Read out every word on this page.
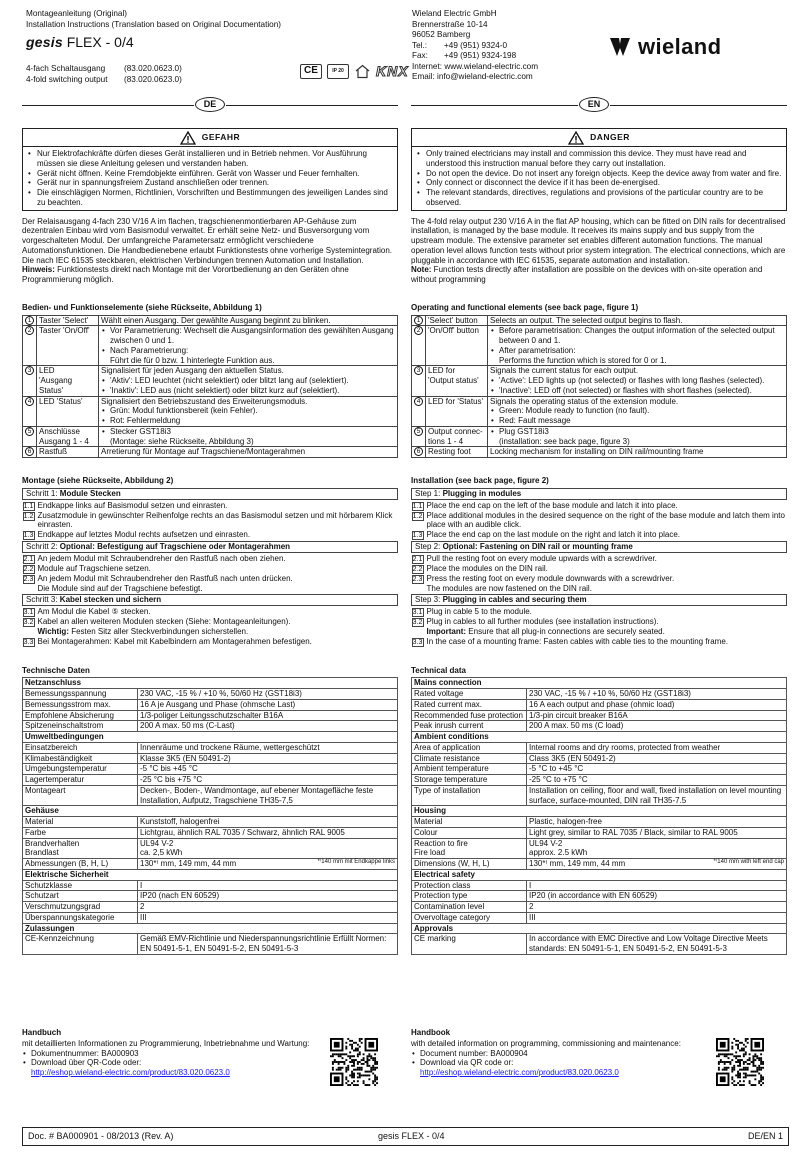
Montageanleitung (Original)
Installation Instructions (Translation based on Original Documentation)
gesis FLEX - 0/4
4-fach Schaltausgang	(83.020.0623.0)
4-fold switching output	(83.020.0623.0)
CE	IP 20	KNX
Wieland Electric GmbH
Brennerstraße 10-14
96052 Bamberg
Tel.:	+49 (951) 9324-0
Fax:	+49 (951) 9324-198
Internet: www.wieland-electric.com
Email: info@wieland-electric.com
wieland
DE	EN
GEFAHR
• Nur Elektrofachkräfte dürfen dieses Gerät installieren und in Betrieb nehmen. Vor Ausführung müssen sie diese Anleitung gelesen und verstanden haben.
• Gerät nicht öffnen. Keine Fremdobjekte einführen. Gerät von Wasser und Feuer fernhalten.
• Gerät nur in spannungsfreiem Zustand anschließen oder trennen.
• Die einschlägigen Normen, Richtlinien, Vorschriften und Bestimmungen des jeweiligen Landes sind zu beachten.

Der Relaisausgang 4-fach 230 V/16 A im flachen, tragschienenmontierbaren AP-Gehäuse zum dezentralen Einbau wird vom Basismodul verwaltet. Er erhält seine Netz- und Busversorgung vom vorgeschalteten Modul. Der umfangreiche Parametersatz ermöglicht verschiedene Automationsfunktionen. Die Handbedienebene erlaubt Funktionstests ohne vorherige Systemintegration. Die nach IEC 61535 steckbaren, elektrischen Verbindungen trennen Automation und Installation.

Hinweis: Funktionstests direkt nach Montage mit der Vorortbedienung an den Geräten ohne Programmierung möglich.

Bedien- und Funktionselemente (siehe Rückseite, Abbildung 1)
1	Taster 'Select'	Wählt einen Ausgang. Der gewählte Ausgang beginnt zu blinken.

2	Taster 'On/Off'	• Vor Parametrierung: Wechselt die Ausgangsinformation des gewählten Ausgang zwischen 0 und 1.
• Nach Parametrierung:
Führt die für 0 bzw. 1 hinterlegte Funktion aus.

3	LED
'Ausgang Status'	Signalisiert für jeden Ausgang den aktuellen Status.
• 'Aktiv': LED leuchtet (nicht selektiert) oder blitzt lang auf (selektiert).
• 'Inaktiv': LED aus (nicht selektiert) oder blitzt kurz auf (selektiert).

4	LED 'Status'	Signalisiert den Betriebszustand des Erweiterungsmoduls.
• Grün: Modul funktionsbereit (kein Fehler).
• Rot: Fehlermeldung

5	Anschlüsse
Ausgang 1 - 4	• Stecker GST18i3
(Montage: siehe Rückseite, Abbildung 3)

6	Rastfuß	Arretierung für Montage auf Tragschiene/Montagerahmen
Montage (siehe Rückseite, Abbildung 2)
Schritt 1: Module Stecken

1.1 Endkappe links auf Basismodul setzen und einrasten.
1.2 Zusatzmodule in gewünschter Reihenfolge rechts an das Basismodul setzen und mit hörbarem Klick einrasten.
1.3 Endkappe auf letztes Modul rechts aufsetzen und einrasten.

Schritt 2: Optional: Befestigung auf Tragschiene oder Montagerahmen

2.1 An jedem Modul mit Schraubendreher den Rastfuß nach oben ziehen.
2.2 Module auf Tragschiene setzen.
2.3 An jedem Modul mit Schraubendreher den Rastfuß nach unten drücken.
Die Module sind auf der Tragschiene befestigt.

Schritt 3: Kabel stecken und sichern

3.1 Am Modul die Kabel ⑤ stecken.
3.2 Kabel an allen weiteren Modulen stecken (Siehe: Montageanleitungen).
Wichtig: Festen Sitz aller Steckverbindungen sicherstellen.
3.3 Bei Montagerahmen: Kabel mit Kabelbindern am Montagerahmen befestigen.
Technische Daten
Netzanschluss	
Bemessungsspannung	230 VAC, -15 % / +10 %, 50/60 Hz (GST18i3)
Bemessungsstrom max.	16 A je Ausgang und Phase (ohmsche Last)
Empfohlene Absicherung	1/3-poliger Leitungsschutzschalter B16A
Spitzeneinschaltstrom	200 A max. 50 ms (C-Last)
Umweltbedingungen	
Einsatzbereich	Innenräume und trockene Räume, wettergeschützt
Klimabeständigkeit	Klasse 3K5 (EN 50491-2)
Umgebungstemperatur	-5 °C bis +45 °C
Lagertemperatur	-25 °C bis +75 °C
Montageart	Decken-, Boden-, Wandmontage, auf ebener Montagefläche feste Installation, Aufputz, Tragschiene TH35-7,5
Gehäuse	
Material	Kunststoff, halogenfrei
Farbe	Lichtgrau, ähnlich RAL 7035 / Schwarz, ähnlich RAL 9005
Brandverhalten	UL94 V-2
Brandlast	ca. 2,5 kWh
Abmessungen (B, H, L)	130*⁾ mm, 149 mm, 44 mm *⁾140 mm mit Endkappe links

Elektrische Sicherheit	
Schutzklasse	I
Schutzart	IP20 (nach EN 60529)
Verschmutzungsgrad	2
Überspannungskategorie	III
Zulassungen	
CE-Kennzeichnung	Gemäß EMV-Richtlinie und Niederspannungsrichtlinie Erfüllt Normen: EN 50491-5-1, EN 50491-5-2, EN 50491-5-3
DANGER
• Only trained electricians may install and commission this device. They must have read and understood this instruction manual before they carry out installation.
• Do not open the device. Do not insert any foreign objects. Keep the device away from water and fire.
• Only connect or disconnect the device if it has been de-energised.
• The relevant standards, directives, regulations and provisions of the particular country are to be observed.

The 4-fold relay output 230 V/16 A in the flat AP housing, which can be fitted on DIN rails for decentralised installation, is managed by the base module. It receives its mains supply and bus supply from the upstream module. The extensive parameter set enables different automation functions. The manual operation level allows function tests without prior system integration. The electrical connections, which are pluggable in accordance with IEC 61535, separate automation and installation.

Note: Function tests directly after installation are possible on the devices with on-site operation and without programming

Operating and functional elements (see back page, figure 1)
1	'Select' button	Selects an output. The selected output begins to flash.

2	'On/Off' button	• Before parametrisation: Changes the output information of the selected output between 0 and 1.
• After parametrisation:
Performs the function which is stored for 0 or 1.

3	LED for
'Output status'	Signals the current status for each output.
• 'Active': LED lights up (not selected) or flashes with long flashes (selected).
• 'Inactive': LED off (not selected) or flashes with short flashes (selected).

4	LED for 'Status'	Signals the operating status of the extension module.
• Green: Module ready to function (no fault).
• Red: Fault message

5	Output connec-
tions 1 - 4	• Plug GST18i3
(installation: see back page, figure 3)

6	Resting foot	Locking mechanism for installing on DIN rail/mounting frame
Installation (see back page, figure 2)
Step 1: Plugging in modules

1.1 Place the end cap on the left of the base module and latch it into place.
1.2 Place additional modules in the desired sequence on the right of the base module and latch them into place with an audible click.
1.3 Place the end cap on the last module on the right and latch it into place.

Step 2: Optional: Fastening on DIN rail or mounting frame

2.1 Pull the resting foot on every module upwards with a screwdriver.
2.2 Place the modules on the DIN rail.
2.3 Press the resting foot on every module downwards with a screwdriver.
The modules are now fastened on the DIN rail.

Step 3: Plugging in cables and securing them

3.1 Plug in cable 5 to the module.
3.2 Plug in cables to all further modules (see installation instructions).
Important: Ensure that all plug-in connections are securely seated.
3.3 In the case of a mounting frame: Fasten cables with cable ties to the mounting frame.
Technical data
Mains connection	
Rated voltage	230 VAC, -15 % / +10 %, 50/60 Hz (GST18i3)
Rated current max.	16 A each output and phase (ohmic load)
Recommended fuse protection	1/3-pin circuit breaker B16A
Peak inrush current	200 A max. 50 ms (C load)
Ambient conditions	
Area of application	Internal rooms and dry rooms, protected from weather
Climate resistance	Class 3K5 (EN 50491-2)
Ambient temperature	-5 °C to +45 °C
Storage temperature	-25 °C to +75 °C
Type of installation	Installation on ceiling, floor and wall, fixed installation on level mounting surface, surface-mounted, DIN rail TH35-7.5
Housing	
Material	Plastic, halogen-free
Colour	Light grey, similar to RAL 7035 / Black, similar to RAL 9005
Reaction to fire	UL94 V-2
Fire load	approx. 2.5 kWh
Dimensions (W, H, L)	130*⁾ mm, 149 mm, 44 mm *⁾140 mm with left end cap

Electrical safety	
Protection class	I
Protection type	IP20 (in accordance with EN 60529)
Contamination level	2
Overvoltage category	III
Approvals	
CE marking	In accordance with EMC Directive and Low Voltage Directive Meets standards: EN 50491-5-1, EN 50491-5-2, EN 50491-5-3
Handbuch
mit detaillierten Informationen zu Programmierung, Inbetriebnahme und Wartung:
• Dokumentnummer: BA000903
• Download über QR-Code oder:
http://eshop.wieland-electric.com/product/83.020.0623.0
Handbook
with detailed information on programming, commissioning and maintenance:
• Document number: BA000904
• Download via QR code or:
http://eshop.wieland-electric.com/product/83.020.0623.0
Doc. # BA000901 - 08/2013 (Rev. A)	gesis FLEX - 0/4	DE/EN 1
